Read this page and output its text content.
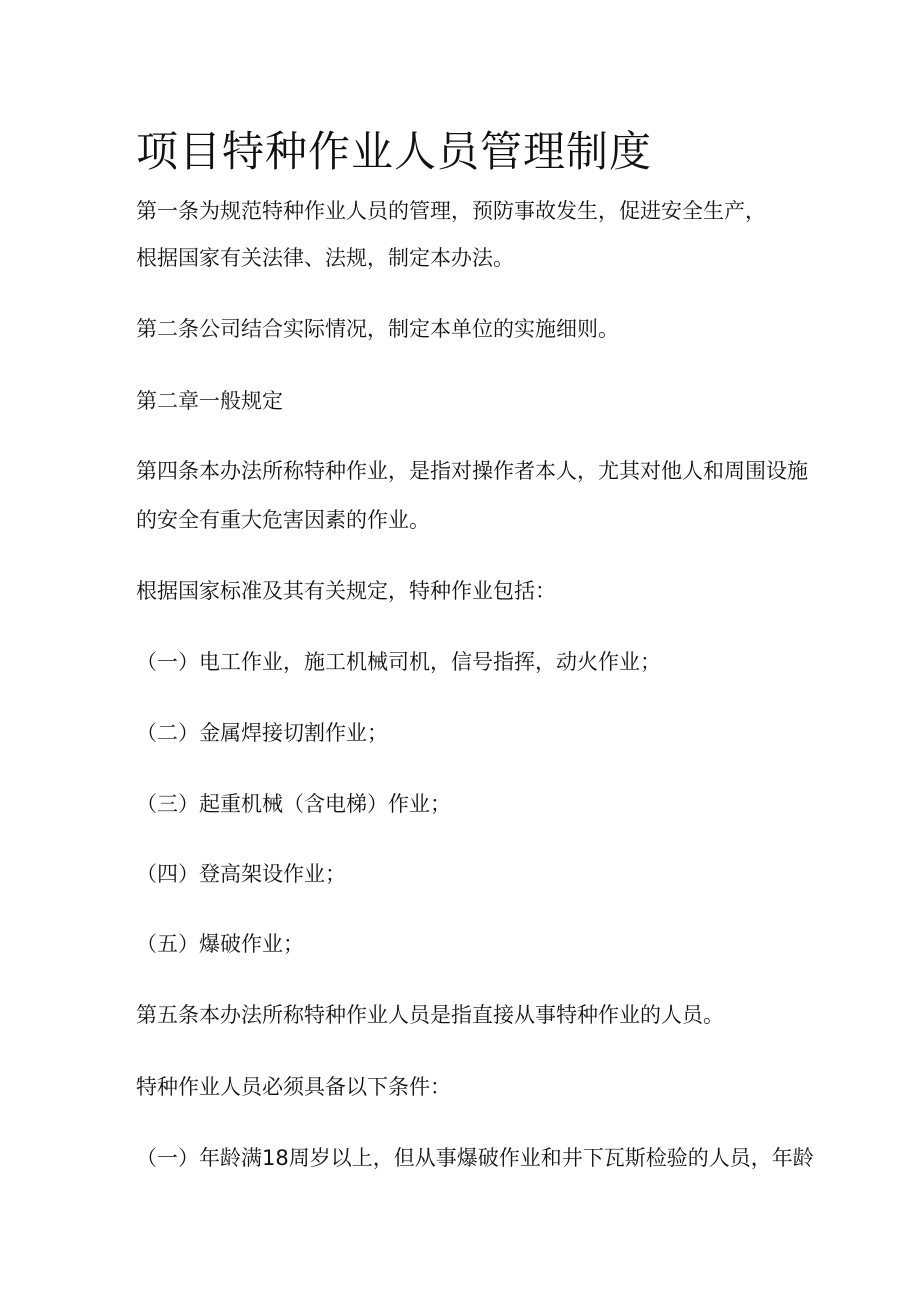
项目特种作业人员管理制度

第一条为规范特种作业人员的管理，预防事故发生，促进安全生产，

根据国家有关法律、法规，制定本办法。

第二条公司结合实际情况，制定本单位的实施细则。

第二章一般规定

第四条本办法所称特种作业，是指对操作者本人，尤其对他人和周围设施

的安全有重大危害因素的作业。

根据国家标准及其有关规定，特种作业包括：

（一）电工作业，施工机械司机，信号指挥，动火作业；

（二）金属焊接切割作业；

（三）起重机械（含电梯）作业；

（四）登高架设作业；

（五）爆破作业；

第五条本办法所称特种作业人员是指直接从事特种作业的人员。

特种作业人员必须具备以下条件：

（一）年龄满18周岁以上，但从事爆破作业和井下瓦斯检验的人员，年龄
